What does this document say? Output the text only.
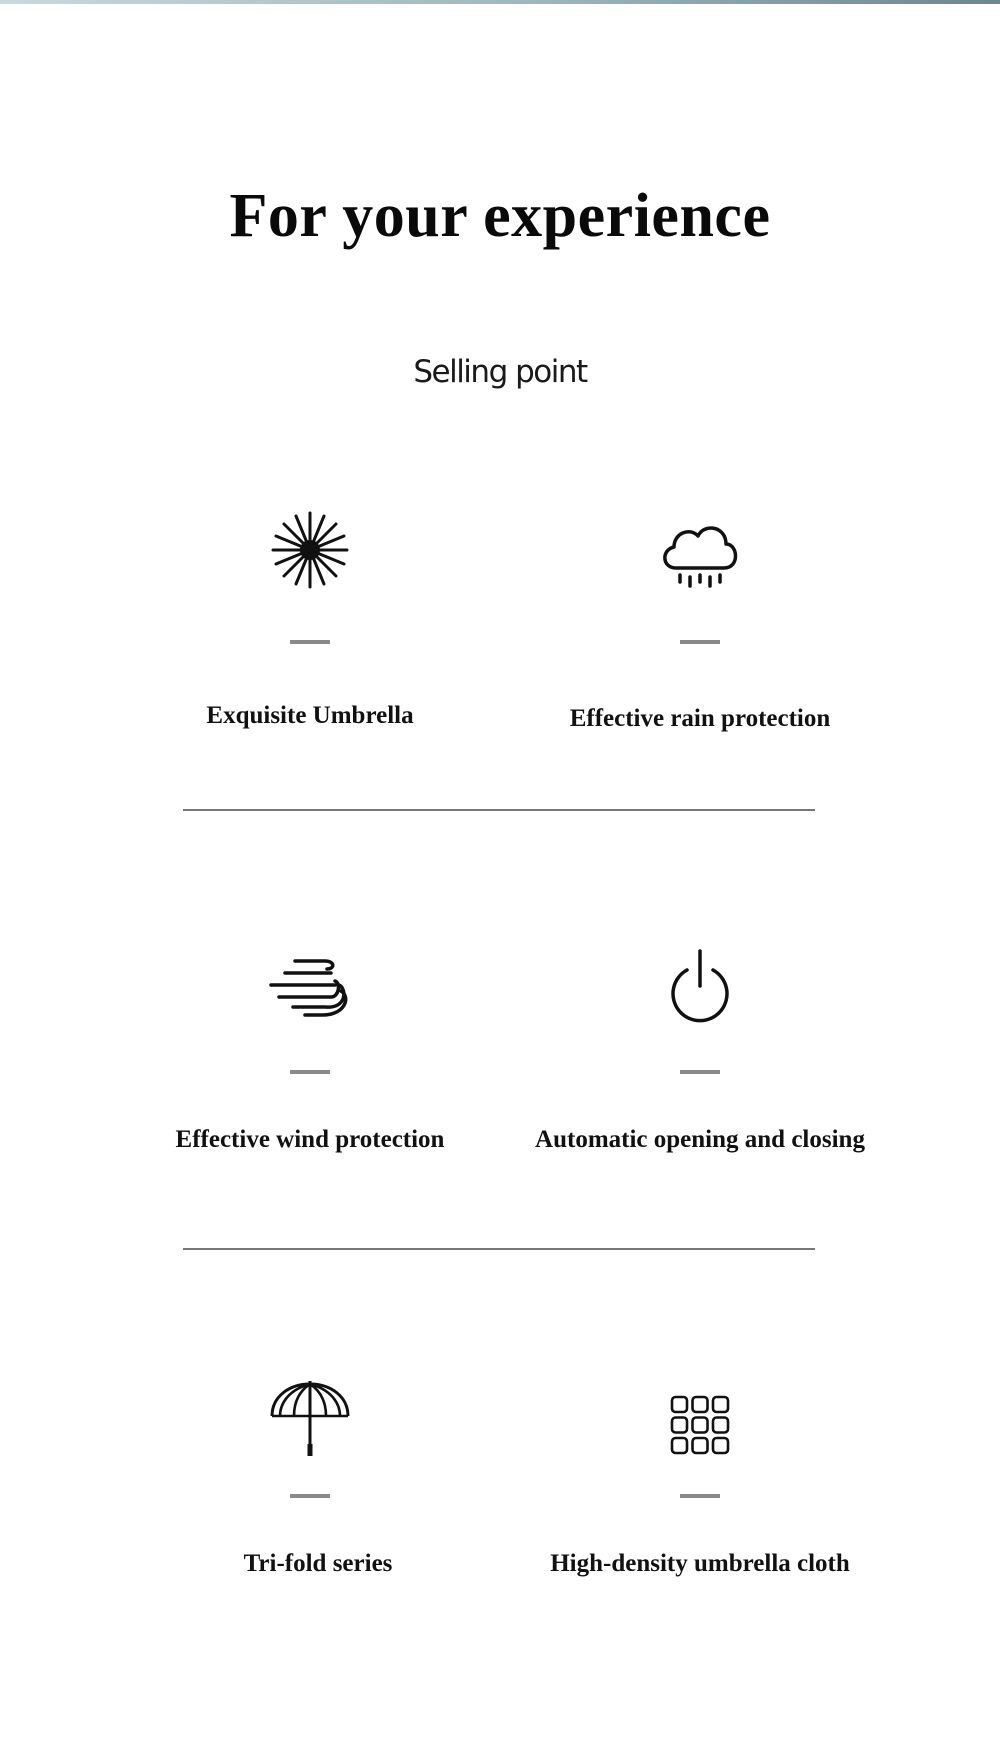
For your experience
Selling point
Exquisite Umbrella	Effective rain protection
Effective wind protection	Automatic opening and closing
Tri-fold series	High-density umbrella cloth
